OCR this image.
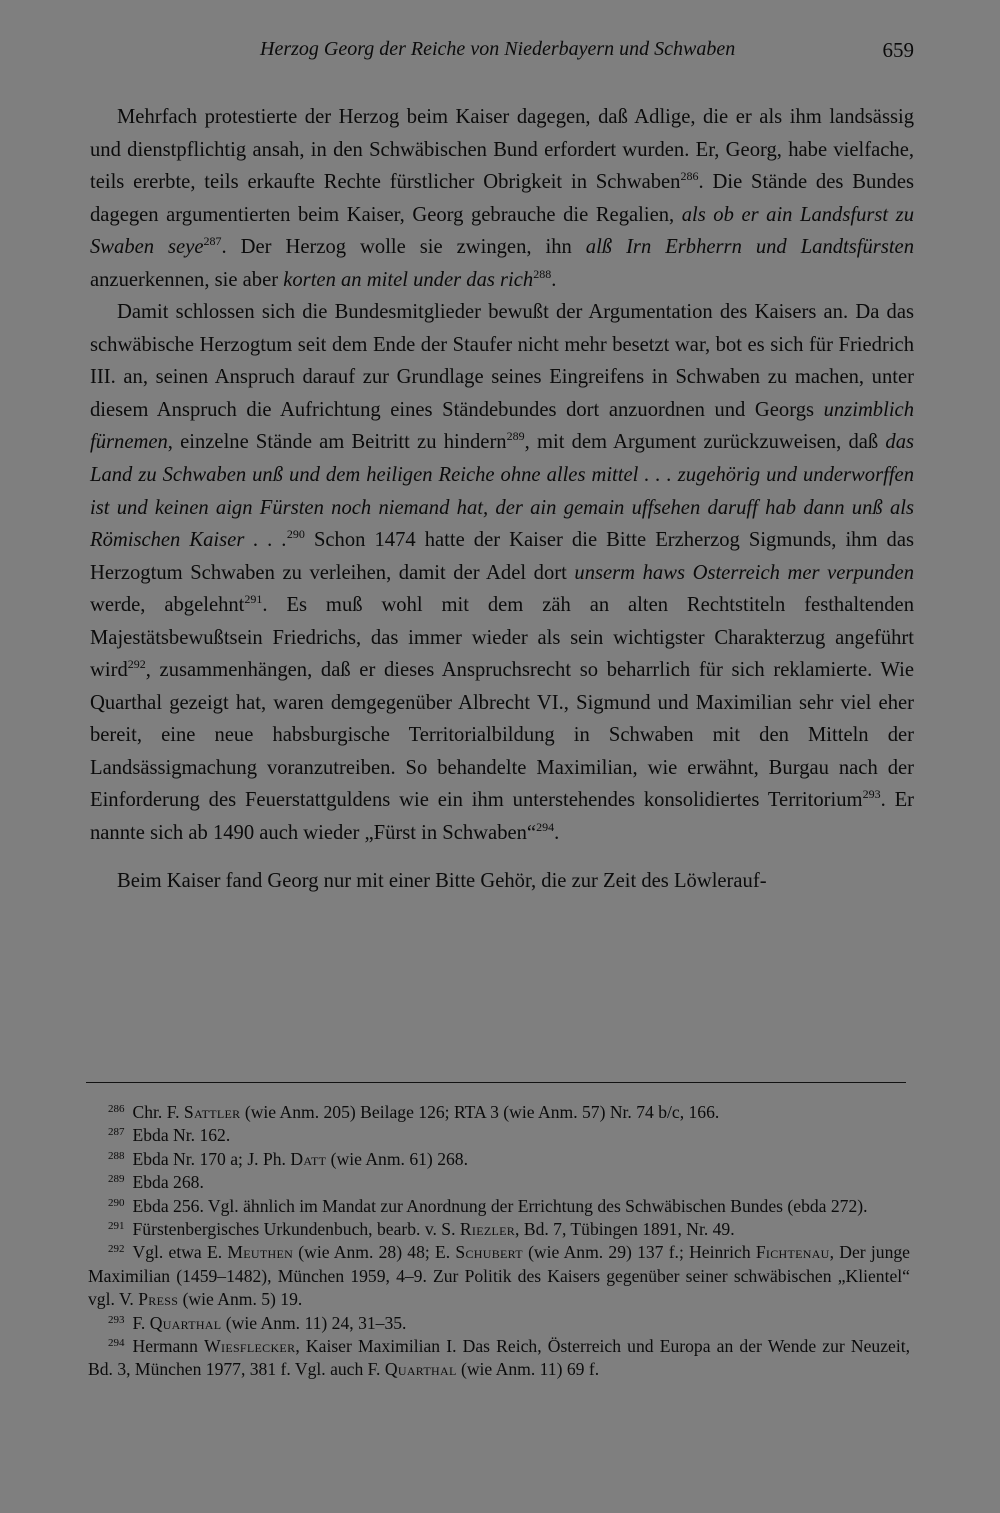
Herzog Georg der Reiche von Niederbayern und Schwaben	659

Mehrfach protestierte der Herzog beim Kaiser dagegen, daß Adlige, die er als ihm landsässig und dienstpflichtig ansah, in den Schwäbischen Bund erfordert wurden. Er, Georg, habe vielfache, teils ererbte, teils erkaufte Rechte fürstlicher Obrigkeit in Schwaben$^{286}$. Die Stände des Bundes dagegen argumentierten beim Kaiser, Georg gebrauche die Regalien, als ob er ain Landsfurst zu Swaben seye$^{287}$. Der Herzog wolle sie zwingen, ihn alß Irn Erbherrn und Landtsfürsten anzuerkennen, sie aber korten an mitel under das rich$^{288}$.

Damit schlossen sich die Bundesmitglieder bewußt der Argumentation des Kaisers an. Da das schwäbische Herzogtum seit dem Ende der Staufer nicht mehr besetzt war, bot es sich für Friedrich III. an, seinen Anspruch darauf zur Grundlage seines Eingreifens in Schwaben zu machen, unter diesem Anspruch die Aufrichtung eines Ständebundes dort anzuordnen und Georgs unzimblich fürnemen, einzelne Stände am Beitritt zu hindern$^{289}$, mit dem Argument zurückzuweisen, daß das Land zu Schwaben unß und dem heiligen Reiche ohne alles mittel . . . zugehörig und underworffen ist und keinen aign Fürsten noch niemand hat, der ain gemain uffsehen daruff hab dann unß als Römischen Kaiser . . .$^{290}$ Schon 1474 hatte der Kaiser die Bitte Erzherzog Sigmunds, ihm das Herzogtum Schwaben zu verleihen, damit der Adel dort unserm haws Osterreich mer verpunden werde, abgelehnt$^{291}$. Es muß wohl mit dem zäh an alten Rechtstiteln festhaltenden Majestätsbewußtsein Friedrichs, das immer wieder als sein wichtigster Charakterzug angeführt wird$^{292}$, zusammenhängen, daß er dieses Anspruchsrecht so beharrlich für sich reklamierte. Wie Quarthal gezeigt hat, waren demgegenüber Albrecht VI., Sigmund und Maximilian sehr viel eher bereit, eine neue habsburgische Territorialbildung in Schwaben mit den Mitteln der Landsässigmachung voranzutreiben. So behandelte Maximilian, wie erwähnt, Burgau nach der Einforderung des Feuerstattguldens wie ein ihm unterstehendes konsolidiertes Territorium$^{293}$. Er nannte sich ab 1490 auch wieder „Fürst in Schwaben“$^{294}$.

Beim Kaiser fand Georg nur mit einer Bitte Gehör, die zur Zeit des Löwlerauf-

$^{286}$ Chr. F. Sattler (wie Anm. 205) Beilage 126; RTA 3 (wie Anm. 57) Nr. 74 b/c, 166.

$^{287}$ Ebda Nr. 162.

$^{288}$ Ebda Nr. 170 a; J. Ph. Datt (wie Anm. 61) 268.

$^{289}$ Ebda 268.

$^{290}$ Ebda 256. Vgl. ähnlich im Mandat zur Anordnung der Errichtung des Schwäbischen Bundes (ebda 272).

$^{291}$ Fürstenbergisches Urkundenbuch, bearb. v. S. Riezler, Bd. 7, Tübingen 1891, Nr. 49.

$^{292}$ Vgl. etwa E. Meuthen (wie Anm. 28) 48; E. Schubert (wie Anm. 29) 137 f.; Heinrich Fichtenau, Der junge Maximilian (1459–1482), München 1959, 4–9. Zur Politik des Kaisers gegenüber seiner schwäbischen „Klientel“ vgl. V. Press (wie Anm. 5) 19.

$^{293}$ F. Quarthal (wie Anm. 11) 24, 31–35.

$^{294}$ Hermann Wiesflecker, Kaiser Maximilian I. Das Reich, Österreich und Europa an der Wende zur Neuzeit, Bd. 3, München 1977, 381 f. Vgl. auch F. Quarthal (wie Anm. 11) 69 f.
